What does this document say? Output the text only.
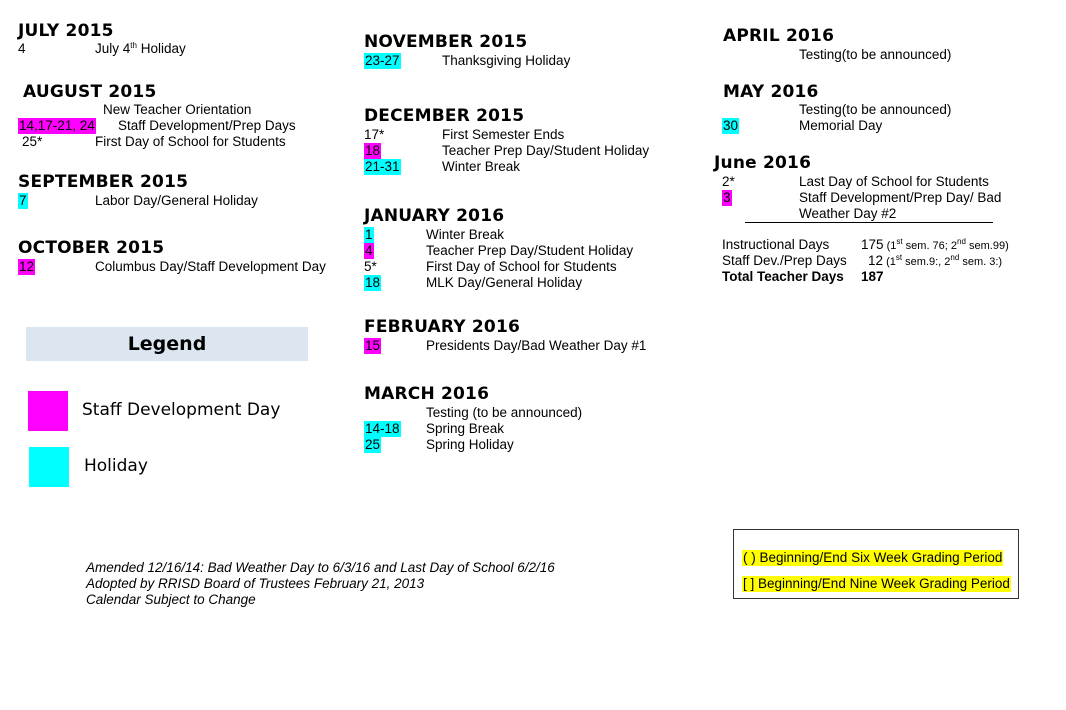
JULY 2015
4	July 4th Holiday
AUGUST 2015
New Teacher Orientation
14,17-21, 24 Staff Development/Prep Days
25*	First Day of School for Students
SEPTEMBER 2015
7	Labor Day/General Holiday
OCTOBER 2015
12	Columbus Day/Staff Development Day
Legend
Staff Development Day
Holiday
Amended 12/16/14: Bad Weather Day to 6/3/16 and Last Day of School 6/2/16
Adopted by RRISD Board of Trustees February 21, 2013
Calendar Subject to Change
NOVEMBER 2015
23-27	Thanksgiving Holiday
DECEMBER 2015
17*	First Semester Ends
18	Teacher Prep Day/Student Holiday
21-31	Winter Break
JANUARY 2016
1	Winter Break
4	Teacher Prep Day/Student Holiday
5*	First Day of School for Students
18	MLK Day/General Holiday
FEBRUARY 2016
15	Presidents Day/Bad Weather Day #1
MARCH 2016
Testing (to be announced)
14-18 Spring Break
25	Spring Holiday
APRIL 2016
Testing(to be announced)
MAY 2016
Testing(to be announced)
30	Memorial Day
June 2016
2*	Last Day of School for Students
3	Staff Development/Prep Day/ Bad
Weather Day #2
Instructional Days 175 (1st sem. 76; 2nd sem.99)
Staff Dev./Prep Days 12 (1st sem.9:, 2nd sem. 3:)
Total Teacher Days 187
( ) Beginning/End Six Week Grading Period
[ ] Beginning/End Nine Week Grading Period
